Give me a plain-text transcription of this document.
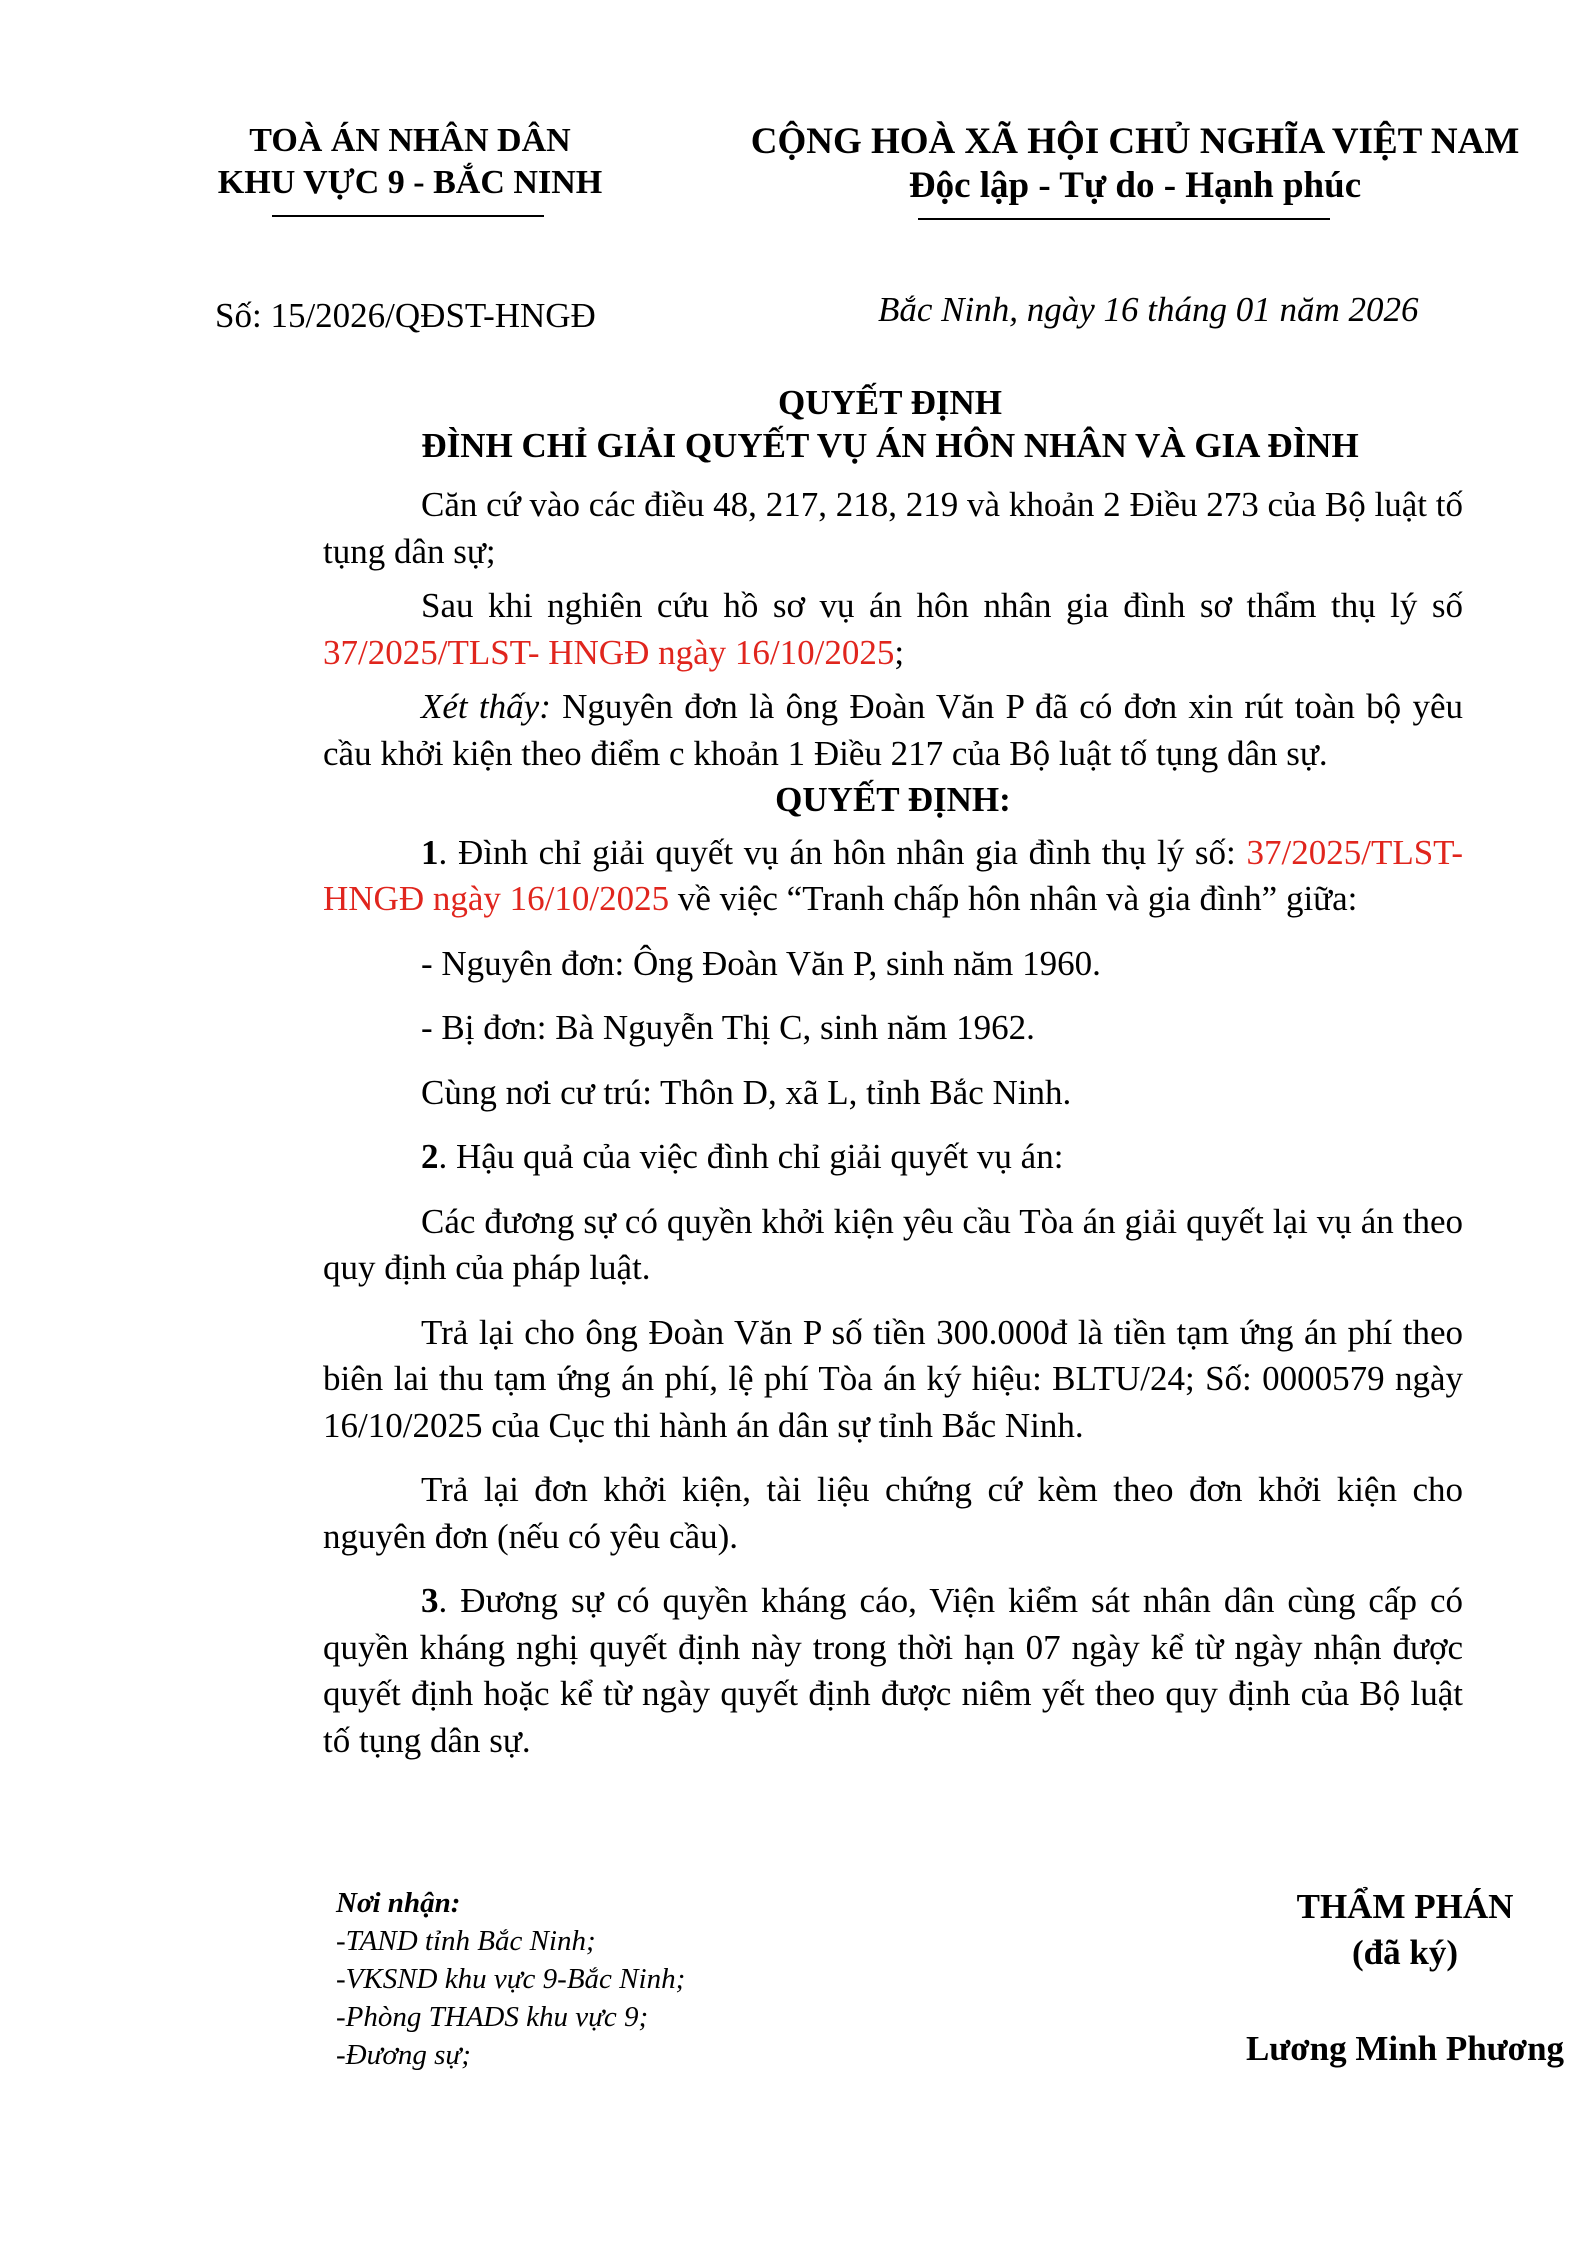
TOÀ ÁN NHÂN DÂN
KHU VỰC 9 - BẮC NINH
CỘNG HOÀ XÃ HỘI CHỦ NGHĨA VIỆT NAM
Độc lập - Tự do - Hạnh phúc
Số: 15/2026/QĐST-HNGĐ	Bắc Ninh, ngày 16 tháng 01 năm 2026
QUYẾT ĐỊNH
ĐÌNH CHỈ GIẢI QUYẾT VỤ ÁN HÔN NHÂN VÀ GIA ĐÌNH

Căn cứ vào các điều 48, 217, 218, 219 và khoản 2 Điều 273 của Bộ luật tố tụng dân sự;

Sau khi nghiên cứu hồ sơ vụ án hôn nhân gia đình sơ thẩm thụ lý số 37/2025/TLST- HNGĐ ngày 16/10/2025;

Xét thấy: Nguyên đơn là ông Đoàn Văn P đã có đơn xin rút toàn bộ yêu cầu khởi kiện theo điểm c khoản 1 Điều 217 của Bộ luật tố tụng dân sự.

QUYẾT ĐỊNH:

1. Đình chỉ giải quyết vụ án hôn nhân gia đình thụ lý số: 37/2025/TLST- HNGĐ ngày 16/10/2025 về việc “Tranh chấp hôn nhân và gia đình” giữa:

- Nguyên đơn: Ông Đoàn Văn P, sinh năm 1960.

- Bị đơn: Bà Nguyễn Thị C, sinh năm 1962.

Cùng nơi cư trú: Thôn D, xã L, tỉnh Bắc Ninh.

2. Hậu quả của việc đình chỉ giải quyết vụ án:

Các đương sự có quyền khởi kiện yêu cầu Tòa án giải quyết lại vụ án theo quy định của pháp luật.

Trả lại cho ông Đoàn Văn P số tiền 300.000đ là tiền tạm ứng án phí theo biên lai thu tạm ứng án phí, lệ phí Tòa án ký hiệu: BLTU/24; Số: 0000579 ngày 16/10/2025 của Cục thi hành án dân sự tỉnh Bắc Ninh.

Trả lại đơn khởi kiện, tài liệu chứng cứ kèm theo đơn khởi kiện cho nguyên đơn (nếu có yêu cầu).

3. Đương sự có quyền kháng cáo, Viện kiểm sát nhân dân cùng cấp có quyền kháng nghị quyết định này trong thời hạn 07 ngày kể từ ngày nhận được quyết định hoặc kể từ ngày quyết định được niêm yết theo quy định của Bộ luật tố tụng dân sự.

Nơi nhận:
-TAND tỉnh Bắc Ninh;
-VKSND khu vực 9-Bắc Ninh;
-Phòng THADS khu vực 9;
-Đương sự;
THẨM PHÁN
(đã ký)
Lương Minh Phương
